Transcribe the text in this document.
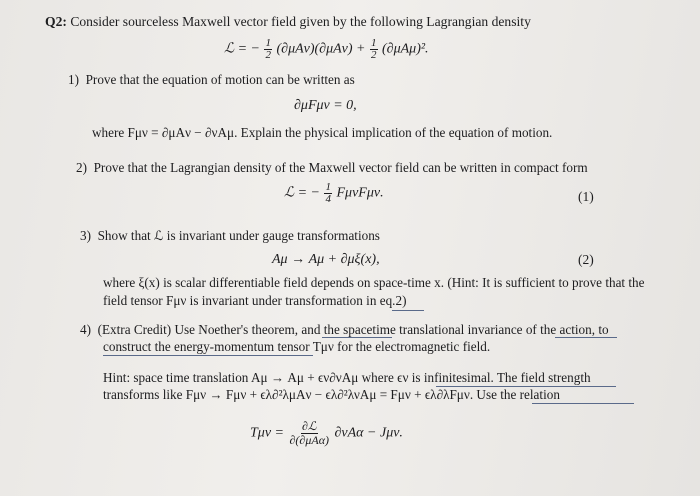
Q2: Consider sourceless Maxwell vector field given by the following Lagrangian density
ℒ = − $\frac{1}{2} (\partial\mu A\nu)(\partial\mu A\nu) + \frac{1}{2} (\partial\mu A\mu)^2$.
1) Prove that the equation of motion can be written as
∂μFμν = 0,
where Fμν = ∂μAν − ∂νAμ. Explain the physical implication of the equation of motion.
2) Prove that the Lagrangian density of the Maxwell vector field can be written in compact form
ℒ = − $\frac{1}{4} F\mu\nu F\mu\nu$.	(1)
3) Show that ℒ is invariant under gauge transformations
Aμ → Aμ + ∂μξ(x),	(2)
where ξ(x) is scalar differentiable field depends on space-time x. (Hint: It is sufficient to prove that the
field tensor Fμν is invariant under transformation in eq.2)
4) (Extra Credit) Use Noether's theorem, and the spacetime translational invariance of the action, to
construct the energy-momentum tensor Tμν for the electromagnetic field.
Hint: space time translation Aμ → Aμ + ϵν∂νAμ where ϵν is infinitesimal. The field strength
transforms like Fμν → Fμν + ϵλ∂²λμAν − ϵλ∂²λνAμ = Fμν + ϵλ∂λFμν. Use the relation
$T\mu\nu = \frac{\text{∂ℒ}}{\text{∂(∂μAα)}} \partial\nu A\alpha - J\mu\nu$.
